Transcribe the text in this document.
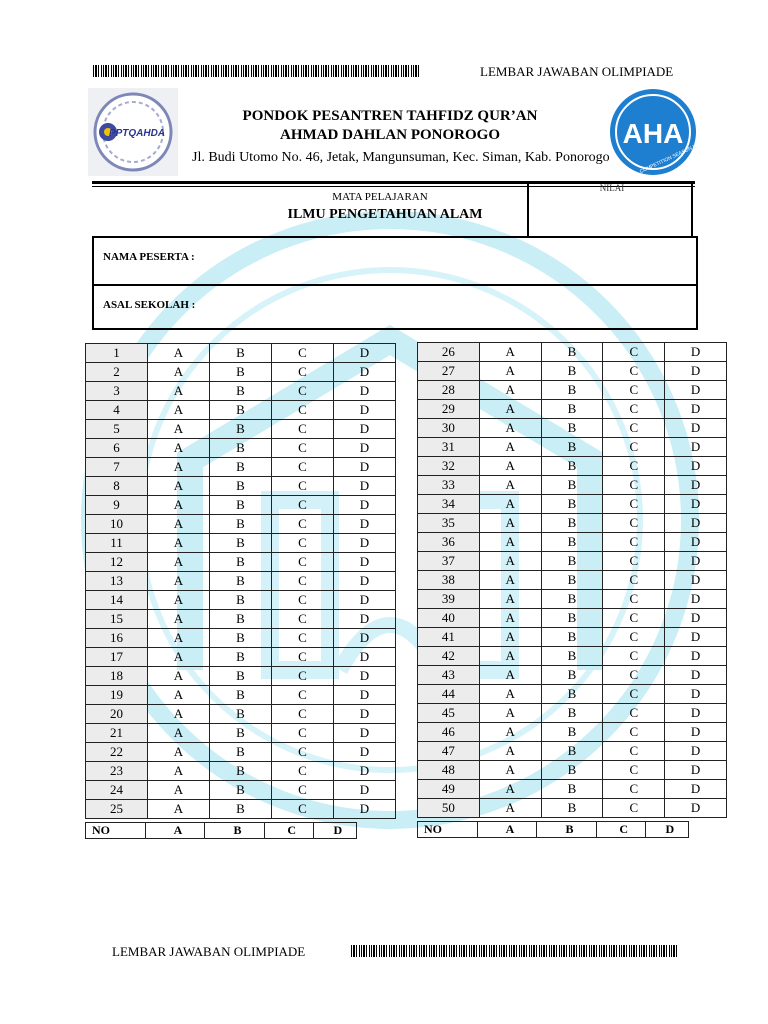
LEMBAR JAWABAN OLIMPIADE
PPTQAHDA	AHA
COMPETITION SEASON III
PONDOK PESANTREN TAHFIDZ QUR’AN
AHMAD DAHLAN PONOROGO
Jl. Budi Utomo No. 46, Jetak, Mangunsuman, Kec. Siman, Kab. Ponorogo
MATA PELAJARAN
ILMU PENGETAHUAN ALAM
NILAI
NAMA PESERTA :
ASAL SEKOLAH :
1	A	B	C	D
2	A	B	C	D
3	A	B	C	D
4	A	B	C	D
5	A	B	C	D
6	A	B	C	D
7	A	B	C	D
8	A	B	C	D
9	A	B	C	D
10	A	B	C	D
11	A	B	C	D
12	A	B	C	D
13	A	B	C	D
14	A	B	C	D
15	A	B	C	D
16	A	B	C	D
17	A	B	C	D
18	A	B	C	D
19	A	B	C	D
20	A	B	C	D
21	A	B	C	D
22	A	B	C	D
23	A	B	C	D
24	A	B	C	D
25	A	B	C	D
26	A	B	C	D
27	A	B	C	D
28	A	B	C	D
29	A	B	C	D
30	A	B	C	D
31	A	B	C	D
32	A	B	C	D
33	A	B	C	D
34	A	B	C	D
35	A	B	C	D
36	A	B	C	D
37	A	B	C	D
38	A	B	C	D
39	A	B	C	D
40	A	B	C	D
41	A	B	C	D
42	A	B	C	D
43	A	B	C	D
44	A	B	C	D
45	A	B	C	D
46	A	B	C	D
47	A	B	C	D
48	A	B	C	D
49	A	B	C	D
50	A	B	C	D
NO	A	B	C	D	NO	A	B	C	D
LEMBAR JAWABAN OLIMPIADE
